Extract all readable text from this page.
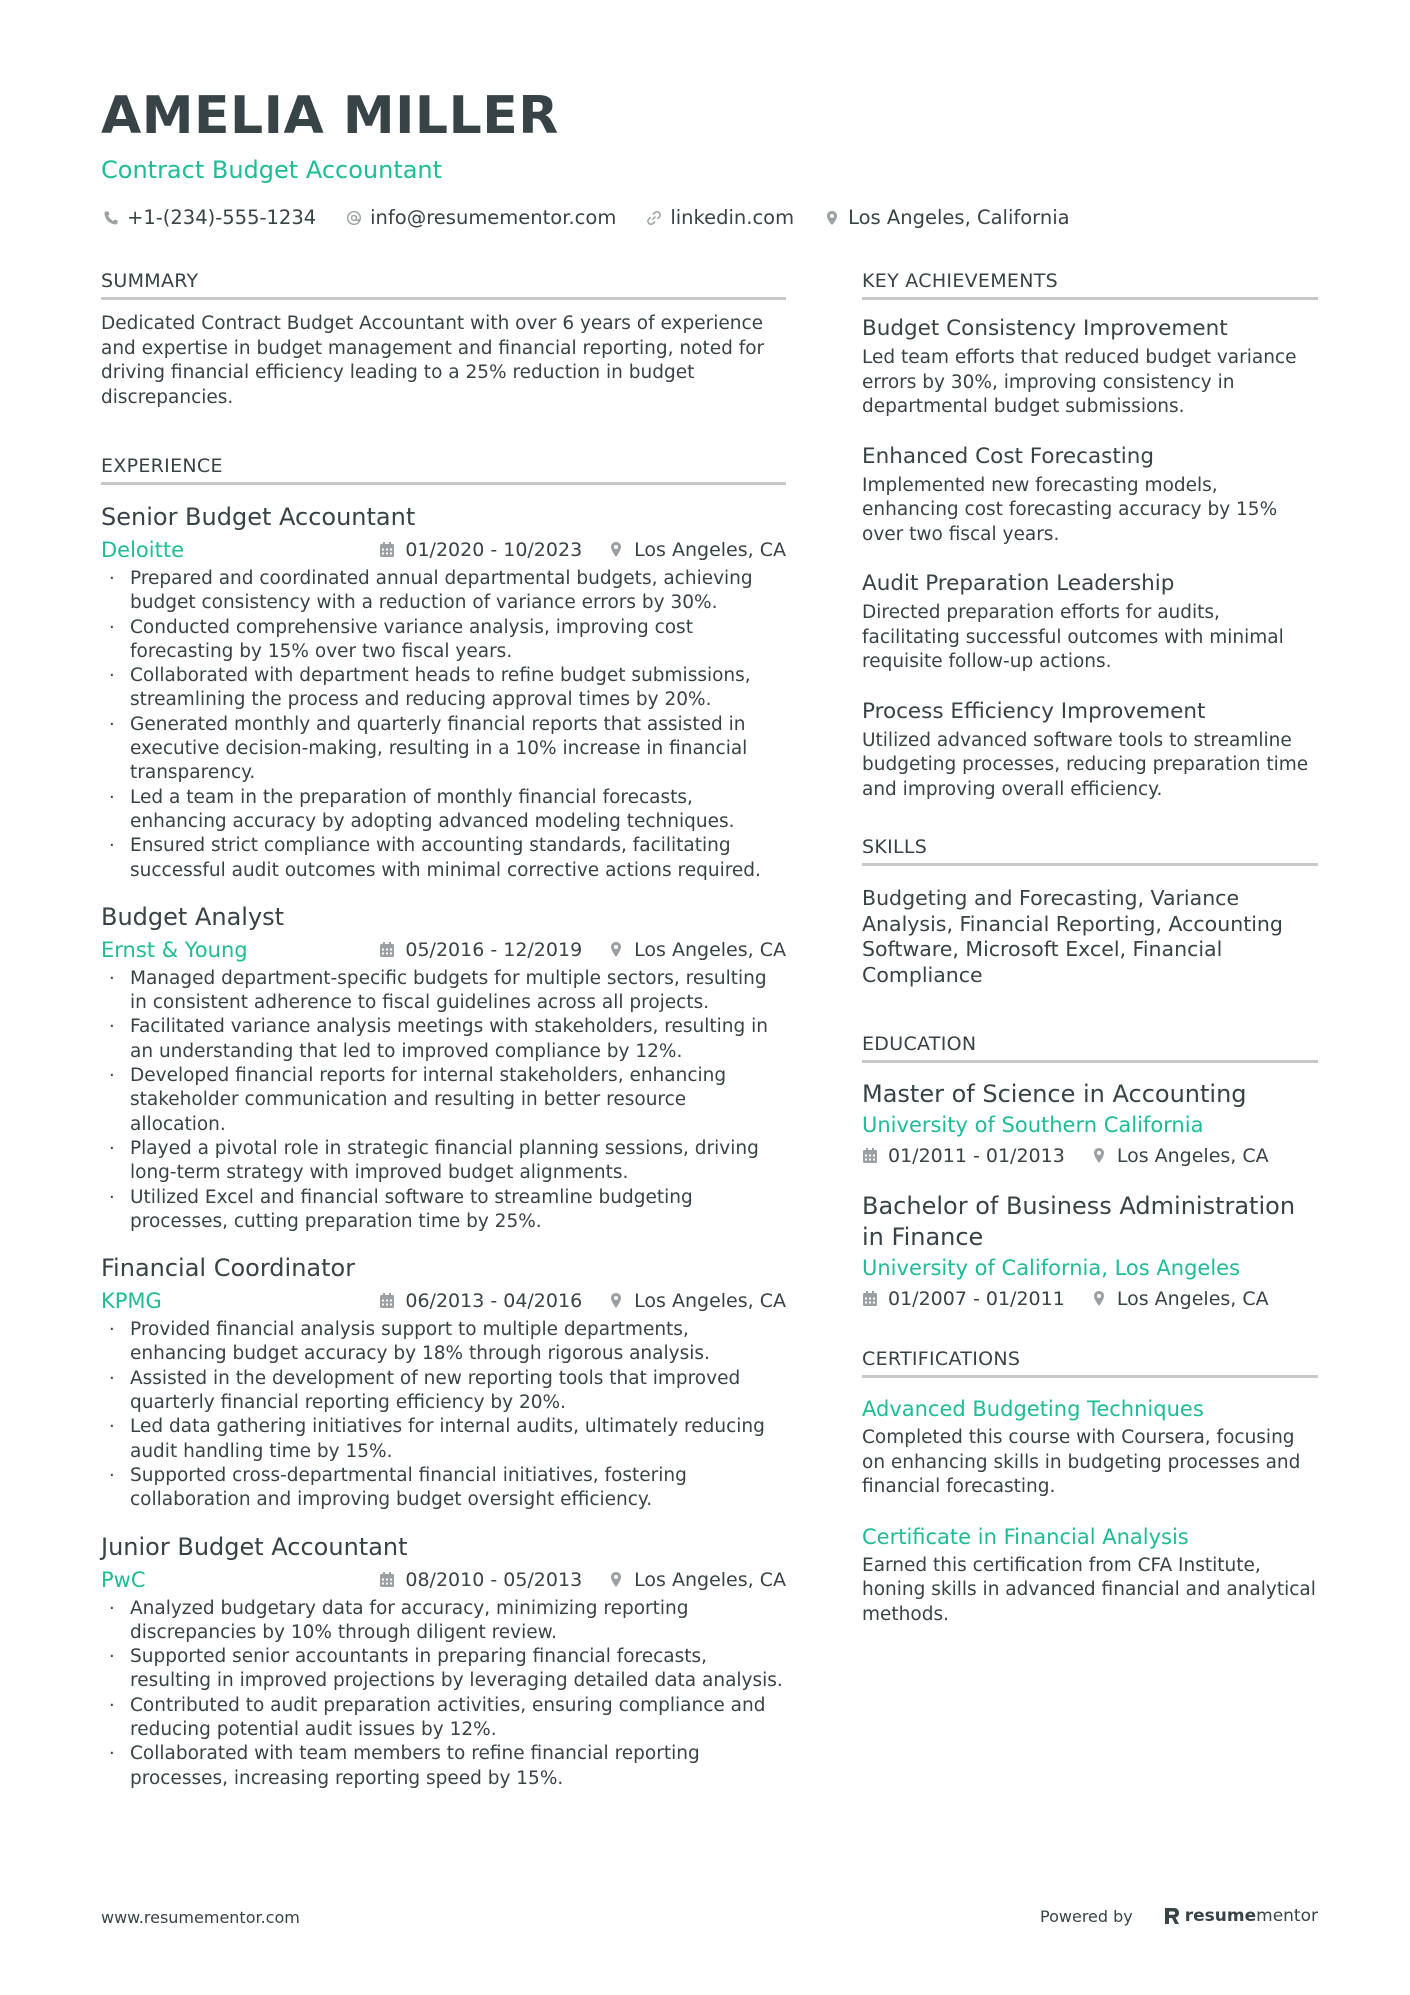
AMELIA MILLER
Contract Budget Accountant
+1-(234)-555-1234	info@resumementor.com	linkedin.com	Los Angeles, California
SUMMARY
Dedicated Contract Budget Accountant with over 6 years of experience and expertise in budget management and financial reporting, noted for driving financial efficiency leading to a 25% reduction in budget discrepancies.
EXPERIENCE
Senior Budget Accountant
Deloitte	01/2020 - 10/2023	Los Angeles, CA
· Prepared and coordinated annual departmental budgets, achieving budget consistency with a reduction of variance errors by 30%.
· Conducted comprehensive variance analysis, improving cost forecasting by 15% over two fiscal years.
· Collaborated with department heads to refine budget submissions, streamlining the process and reducing approval times by 20%.
· Generated monthly and quarterly financial reports that assisted in executive decision-making, resulting in a 10% increase in financial transparency.
· Led a team in the preparation of monthly financial forecasts, enhancing accuracy by adopting advanced modeling techniques.
· Ensured strict compliance with accounting standards, facilitating successful audit outcomes with minimal corrective actions required.
Budget Analyst
Ernst & Young	05/2016 - 12/2019	Los Angeles, CA
· Managed department-specific budgets for multiple sectors, resulting in consistent adherence to fiscal guidelines across all projects.
· Facilitated variance analysis meetings with stakeholders, resulting in an understanding that led to improved compliance by 12%.
· Developed financial reports for internal stakeholders, enhancing stakeholder communication and resulting in better resource allocation.
· Played a pivotal role in strategic financial planning sessions, driving long-term strategy with improved budget alignments.
· Utilized Excel and financial software to streamline budgeting processes, cutting preparation time by 25%.
Financial Coordinator
KPMG	06/2013 - 04/2016	Los Angeles, CA
· Provided financial analysis support to multiple departments, enhancing budget accuracy by 18% through rigorous analysis.
· Assisted in the development of new reporting tools that improved quarterly financial reporting efficiency by 20%.
· Led data gathering initiatives for internal audits, ultimately reducing audit handling time by 15%.
· Supported cross-departmental financial initiatives, fostering collaboration and improving budget oversight efficiency.
Junior Budget Accountant
PwC	08/2010 - 05/2013	Los Angeles, CA
· Analyzed budgetary data for accuracy, minimizing reporting discrepancies by 10% through diligent review.
· Supported senior accountants in preparing financial forecasts, resulting in improved projections by leveraging detailed data analysis.
· Contributed to audit preparation activities, ensuring compliance and reducing potential audit issues by 12%.
· Collaborated with team members to refine financial reporting processes, increasing reporting speed by 15%.
KEY ACHIEVEMENTS
Budget Consistency Improvement
Led team efforts that reduced budget variance errors by 30%, improving consistency in departmental budget submissions.
Enhanced Cost Forecasting
Implemented new forecasting models, enhancing cost forecasting accuracy by 15% over two fiscal years.
Audit Preparation Leadership
Directed preparation efforts for audits, facilitating successful outcomes with minimal requisite follow-up actions.
Process Efficiency Improvement
Utilized advanced software tools to streamline budgeting processes, reducing preparation time and improving overall efficiency.
SKILLS
Budgeting and Forecasting, Variance Analysis, Financial Reporting, Accounting Software, Microsoft Excel, Financial Compliance
EDUCATION
Master of Science in Accounting
University of Southern California
01/2011 - 01/2013	Los Angeles, CA
Bachelor of Business Administration in Finance
University of California, Los Angeles
01/2007 - 01/2011	Los Angeles, CA
CERTIFICATIONS
Advanced Budgeting Techniques
Completed this course with Coursera, focusing on enhancing skills in budgeting processes and financial forecasting.
Certificate in Financial Analysis
Earned this certification from CFA Institute, honing skills in advanced financial and analytical methods.
www.resumementor.com	Powered by	resume mentor
